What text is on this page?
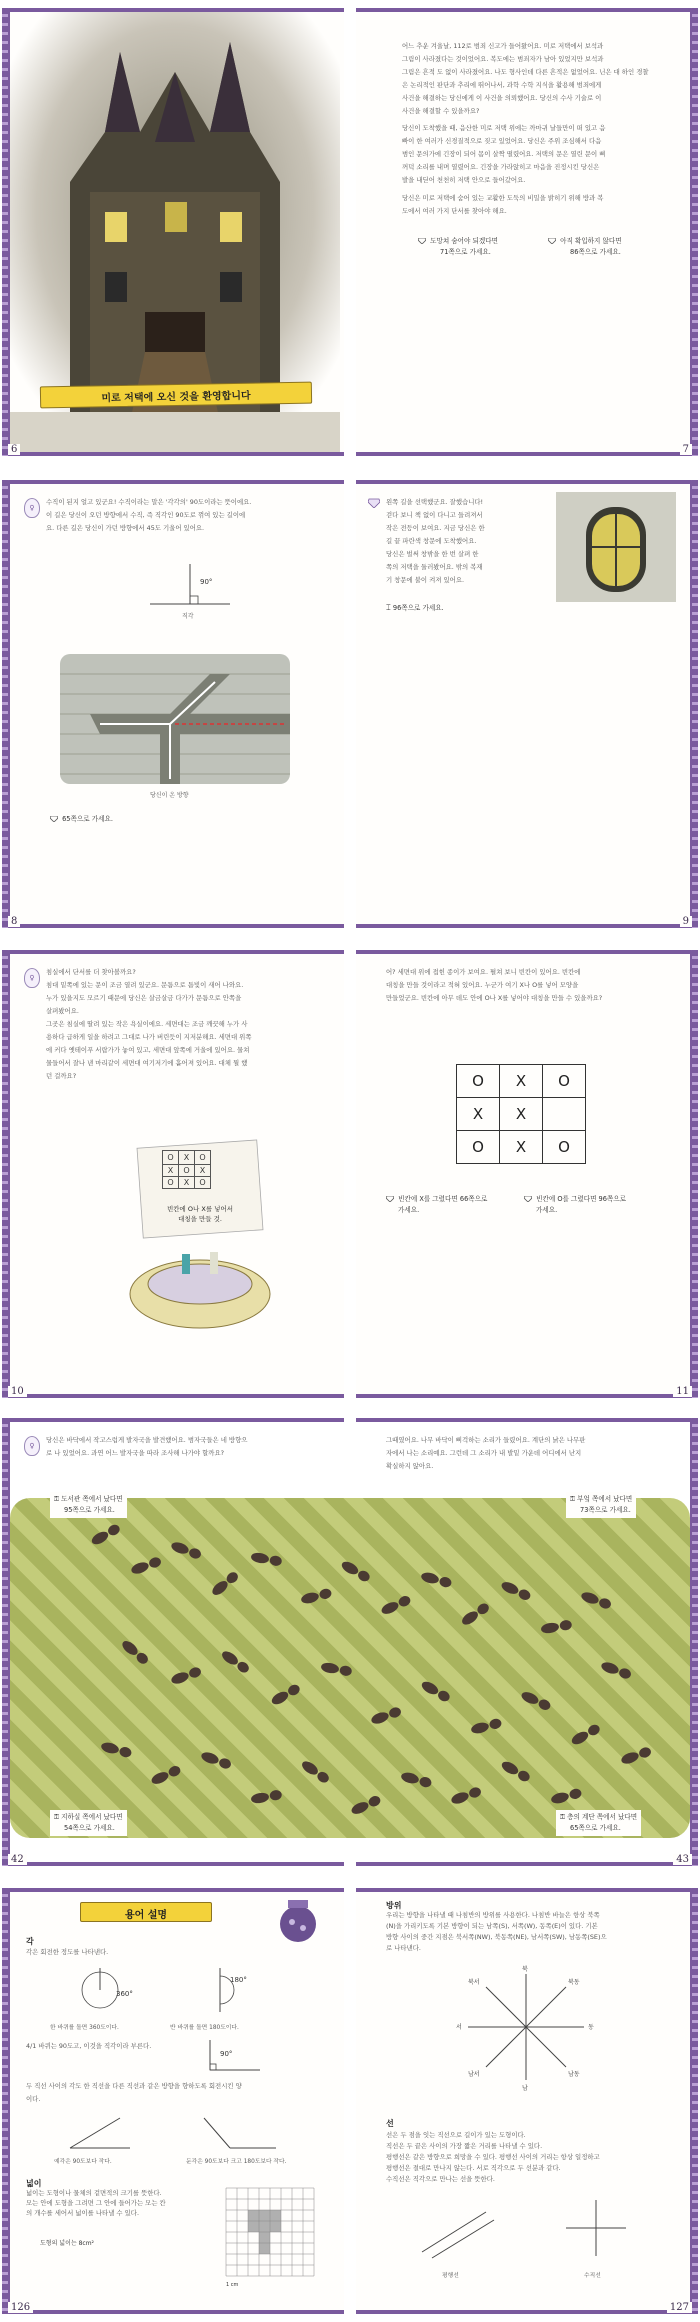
미로 저택에 오신 것을 환영합니다
6
어느 추운 겨울날, 112로 범죄 신고가 들어왔어요. 미로 저택에서 보석과
그림이 사라졌다는 것이었어요. 복도에는 범죄자가 남아 있었지만 보석과
그림은 흔적 도 없이 사라졌어요. 나도 형사인데 다른 흔적은 없었어요. 닌은 대 하인 경찰
은 논리적인 판단과 추리에 뛰어나서, 과학 수학 지식을 활용해 범죄에게
사건을 해결하는 당신에게 이 사건을 의뢰했어요. 당신의 수사 기술로 이
사건을 해결할 수 있을까요?
당신이 도착했을 때, 음산한 미로 저택 위에는 까마귀 날들만이 떠 있고 음
빠이 한 여러가 신경질적으로 짖고 있었어요. 당신은 주위 조심해서 다음
범인 문의가에 긴장이 되어 몸이 살짝 떨렸어요. 저택의 문은 열린 문이 삐
꺼덕 소리를 내며 열렸어요. 긴장을 가라앉히고 마음을 진정시킨 당신은
발을 내딛어 천천히 저택 안으로 들어갔어요.
당신은 미로 저택에 숨어 있는 교활한 도둑의 비밀을 밝히기 위해 방과 복
도에서 여러 가지 단서를 찾아야 해요.
도망쳐 숨어야 되겠다면
71쪽으로 가세요.
아직 확입하지 않다면
86쪽으로 가세요.
7
♀
수직이 된지 얼고 있군요! 수직이라는 말은 '각각의' 90도이라는 뜻이에요.
이 길은 당신이 오던 방향에서 수직, 즉 직각인 90도로 꺾여 있는 길이에
요. 다른 길은 당신이 가던 방향에서 45도 기울어 있어요.
90°
직각
당신이 온 방향
65쪽으로 가세요.
8
왼쪽 길을 선택했군요. 잘했습니다!
걷다 보니 책 없이 다니고 들려져서
작은 전등이 보여요. 지금 당신은 한
길 끝 파란색 창문에 도착했어요.
당신은 벌써 창밖을 한 번 살펴 한
쪽의 저택을 둘러봤어요. 밖의 복재
기 창문에 불이 켜져 있어요.
⌶ 96쪽으로 가세요.
9
♀
침실에서 단서를 더 찾아볼까요?
침대 밑쪽에 있는 문이 조금 열려 있군요. 문틈으로 틈빛이 새어 나와요.
누가 있을지도 모르기 때문에 당신은 살금살금 다가가 문틈으로 안쪽을
살펴봤어요.
그곳은 침실에 딸려 있는 작은 욕실이에요. 세면대는 조금 깨끗해 누가 사
용하다 급하게 일을 하려고 그대로 나가 버린듯이 지저분해요. 세면대 위쪽
에 커다 옛테이푸 서랍가가 놓여 있고, 세면대 앞쪽에 거울에 있어요. 물쳐
물들어서 잘나 낸 마리같이 세면대 여기저기에 흩어져 있어요. 대체 뭘 했
던 걸까요?
O	X	O
X	O	X
O	X	O
빈칸에 O나 X를 넣어서
대칭을 만들 것.
10
어? 세면대 위에 접힌 종이가 보여요. 펼쳐 보니 빈칸이 있어요. 빈칸에
대칭을 만들 것이라고 적혀 있어요. 누군가 여기 X나 O를 넣어 모양을
만들었군요. 빈칸에 아무 데도 안에 O나 X를 넣어야 대칭을 만들 수 있을까요?
O	X	O
X	X	
O	X	O
빈칸에 X를 그렸다면 66쪽으로
가세요.
빈칸에 O를 그렸다면 96쪽으로
가세요.
11
♀
당신은 바닥에서 작고스럽게 발자국을 발견했어요. 범자국들은 네 방향으
로 나 있었어요. 과연 어느 발자국을 따라 조사해 나가야 할까요?
⚿ 도서관 쪽에서 났다면
95쪽으로 가세요.
⚿ 지하실 쪽에서 났다면
54쪽으로 가세요.
42
그때였어요. 나무 바닥이 삐걱하는 소리가 들렸어요. 계단의 낡은 나무판
자에서 나는 소리예요. 그런데 그 소리가 내 발밑 가운데 어디에서 난지
확실하지 않아요.
⚿ 부엌 쪽에서 났다면
73쪽으로 가세요.
⚿ 층의 계단 쪽에서 났다면
65쪽으로 가세요.
43
용어 설명
각
각은 회전한 정도를 나타낸다.
360°
180°
한 바퀴를 돌면 360도이다.	반 바퀴를 돌면 180도이다.
4/1 바퀴는 90도고, 이것을 직각이라 부른다.
90°
두 직선 사이의 각도 한 직선을 다른 직선과 같은 방향을 향하도록 회전시킨 양
이다.
예각은 90도보다 작다.	둔각은 90도보다 크고 180도보다 작다.
넓이
넓이는 도형이나 물체의 겉면적의 크기를 뜻한다.
모는 안에 도형을 그려면 그 안에 들어가는 모는 칸
의 개수를 세어서 넓이를 나타낼 수 있다.
도형의 넓이는 8cm²
1 cm
126
방위
우리는 방향을 나타낼 때 나침반의 방위를 사용한다. 나침반 바늘은 항상 북쪽
(N)을 가리키도록 기본 방향이 되는 남쪽(S), 서쪽(W), 동쪽(E)이 있다. 기본
방향 사이의 중간 지점은 북서쪽(NW), 북동쪽(NE), 남서쪽(SW), 남동쪽(SE)으
로 나타낸다.
북
남
동
서
북동
북서
남동
남서
선
선은 두 점을 잇는 직선으로 길이가 있는 도형이다.
직선은 두 끝은 사이의 가장 짧은 거리를 나타낼 수 있다.
평행선은 같은 방향으로 희망을 수 있다. 평행선 사이의 거리는 항상 일정하고
평행선은 절대로 만나지 않는다. 서로 직각으로 두 선분과 같다.
수직선은 직각으로 만나는 선을 뜻한다.
평행선	수직선
127
